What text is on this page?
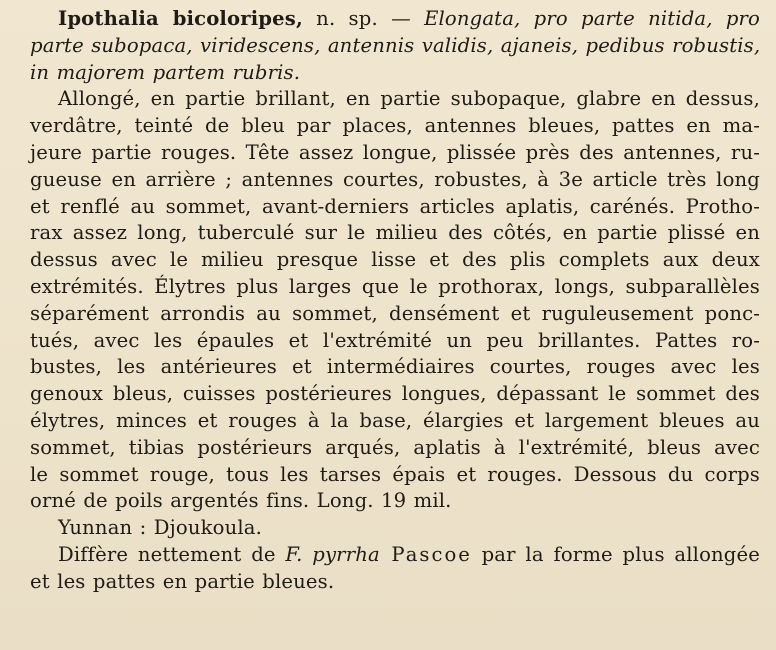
Ipothalia bicoloripes, n. sp. — Elongata, pro parte nitida, pro
parte subopaca, viridescens, antennis validis, ajaneis, pedibus robustis,
in majorem partem rubris.
Allongé, en partie brillant, en partie subopaque, glabre en dessus,
verdâtre, teinté de bleu par places, antennes bleues, pattes en ma-
jeure partie rouges. Tête assez longue, plissée près des antennes, ru-
gueuse en arrière ; antennes courtes, robustes, à 3e article très long
et renflé au sommet, avant-derniers articles aplatis, carénés. Protho-
rax assez long, tuberculé sur le milieu des côtés, en partie plissé en
dessus avec le milieu presque lisse et des plis complets aux deux
extrémités. Élytres plus larges que le prothorax, longs, subparallèles
séparément arrondis au sommet, densément et ruguleusement ponc-
tués, avec les épaules et l'extrémité un peu brillantes. Pattes ro-
bustes, les antérieures et intermédiaires courtes, rouges avec les
genoux bleus, cuisses postérieures longues, dépassant le sommet des
élytres, minces et rouges à la base, élargies et largement bleues au
sommet, tibias postérieurs arqués, aplatis à l'extrémité, bleus avec
le sommet rouge, tous les tarses épais et rouges. Dessous du corps
orné de poils argentés fins. Long. 19 mil.
Yunnan : Djoukoula.
Diffère nettement de F. pyrrha Pascoe par la forme plus allongée
et les pattes en partie bleues.
